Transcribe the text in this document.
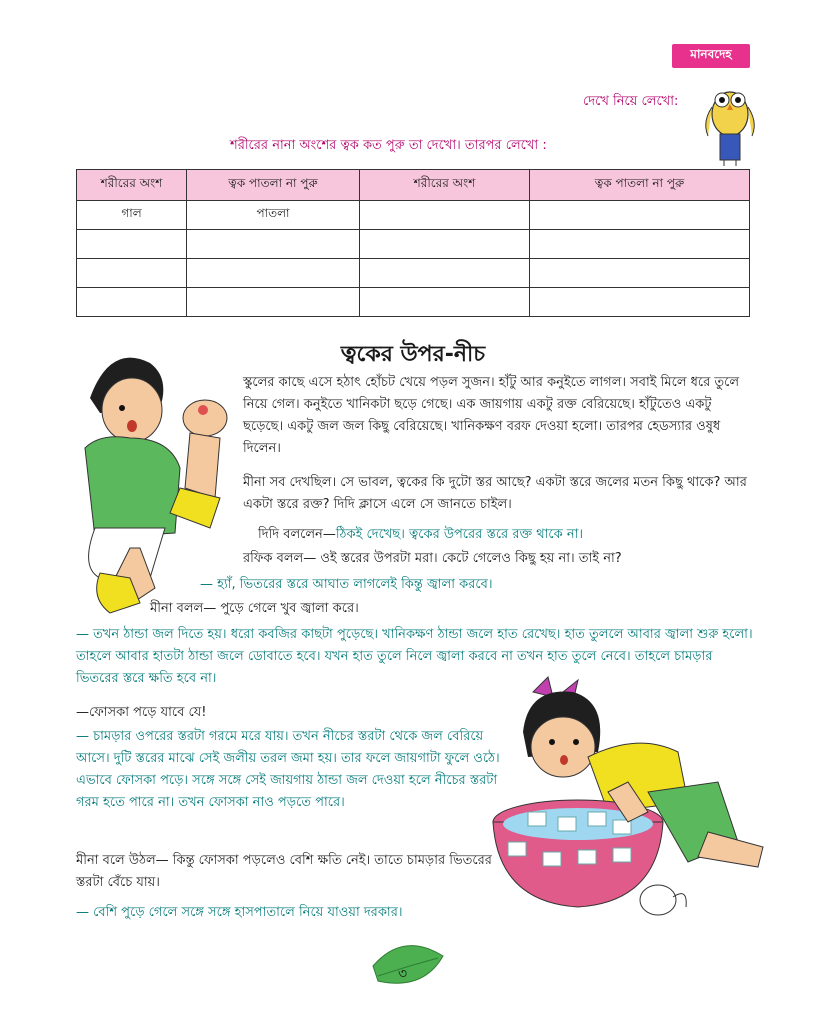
মানবদেহ
দেখে নিয়ে লেখো:
শরীরের নানা অংশের ত্বক কত পুরু তা দেখো। তারপর লেখো :
শরীরের অংশ	ত্বক পাতলা না পুরু	শরীরের অংশ	ত্বক পাতলা না পুরু
গাল	পাতলা		

ত্বকের উপর-নীচ
স্কুলের কাছে এসে হঠাৎ হোঁচট খেয়ে পড়ল সুজন। হাঁটু আর কনুইতে লাগল। সবাই মিলে ধরে তুলে নিয়ে গেল। কনুইতে খানিকটা ছড়ে গেছে। এক জায়গায় একটু রক্ত বেরিয়েছে। হাঁটুতেও একটু ছড়েছে। একটু জল জল কিছু বেরিয়েছে। খানিকক্ষণ বরফ দেওয়া হলো। তারপর হেডস্যার ওষুধ দিলেন।
মীনা সব দেখছিল। সে ভাবল, ত্বকের কি দুটো স্তর আছে? একটা স্তরে জলের মতন কিছু থাকে? আর একটা স্তরে রক্ত? দিদি ক্লাসে এলে সে জানতে চাইল।
দিদি বললেন—ঠিকই দেখেছ। ত্বকের উপরের স্তরে রক্ত থাকে না।
রফিক বলল— ওই স্তরের উপরটা মরা। কেটে গেলেও কিছু হয় না। তাই না?
— হ্যাঁ, ভিতরের স্তরে আঘাত লাগলেই কিন্তু জ্বালা করবে।
মীনা বলল— পুড়ে গেলে খুব জ্বালা করে।
— তখন ঠান্ডা জল দিতে হয়। ধরো কবজির কাছটা পুড়েছে। খানিকক্ষণ ঠান্ডা জলে হাত রেখেছ। হাত তুললে আবার জ্বালা শুরু হলো। তাহলে আবার হাতটা ঠান্ডা জলে ডোবাতে হবে। যখন হাত তুলে নিলে জ্বালা করবে না তখন হাত তুলে নেবে। তাহলে চামড়ার ভিতরের স্তরে ক্ষতি হবে না।
—ফোসকা পড়ে যাবে যে!
— চামড়ার ওপরের স্তরটা গরমে মরে যায়। তখন নীচের স্তরটা থেকে জল বেরিয়ে আসে। দুটি স্তরের মাঝে সেই জলীয় তরল জমা হয়। তার ফলে জায়গাটা ফুলে ওঠে। এভাবে ফোসকা পড়ে। সঙ্গে সঙ্গে সেই জায়গায় ঠান্ডা জল দেওয়া হলে নীচের স্তরটা গরম হতে পারে না। তখন ফোসকা নাও পড়তে পারে।
মীনা বলে উঠল— কিন্তু ফোসকা পড়লেও বেশি ক্ষতি নেই। তাতে চামড়ার ভিতরের স্তরটা বেঁচে যায়।
— বেশি পুড়ে গেলে সঙ্গে সঙ্গে হাসপাতালে নিয়ে যাওয়া দরকার।
৩
